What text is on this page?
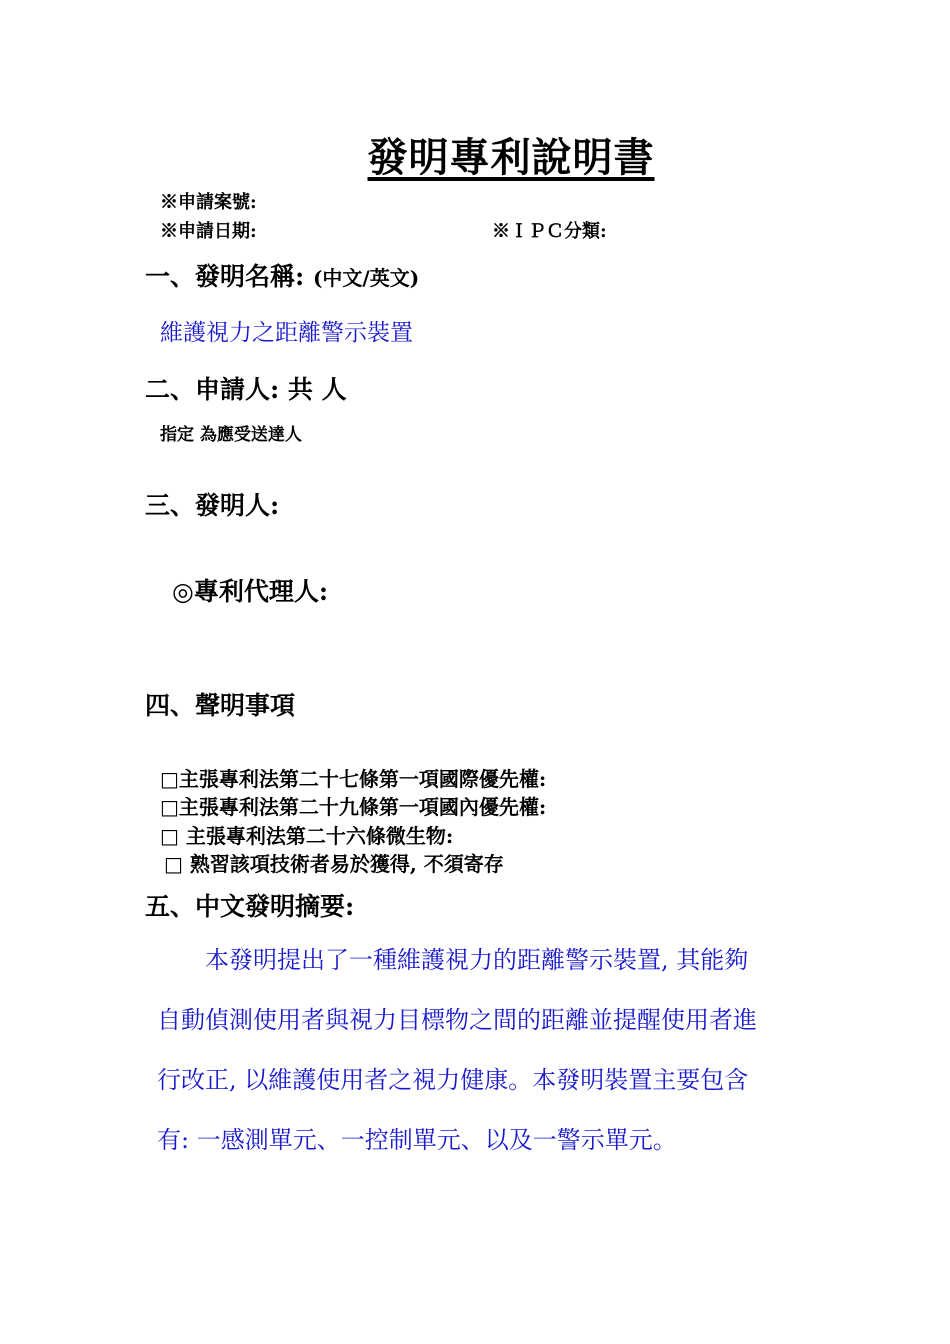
發明專利說明書
※申請案號:
※申請日期:	※ＩＰＣ分類:
一、發明名稱: (中文/英文)
維護視力之距離警示裝置
二、申請人: 共 人
指定 為應受送達人
三、發明人:
◎專利代理人:
四、聲明事項
□主張專利法第二十七條第一項國際優先權:
□主張專利法第二十九條第一項國內優先權:
□ 主張專利法第二十六條微生物:
□ 熟習該項技術者易於獲得, 不須寄存
五、中文發明摘要:
本發明提出了一種維護視力的距離警示裝置, 其能夠
自動偵測使用者與視力目標物之間的距離並提醒使用者進
行改正, 以維護使用者之視力健康。本發明裝置主要包含
有: 一感測單元、一控制單元、以及一警示單元。
